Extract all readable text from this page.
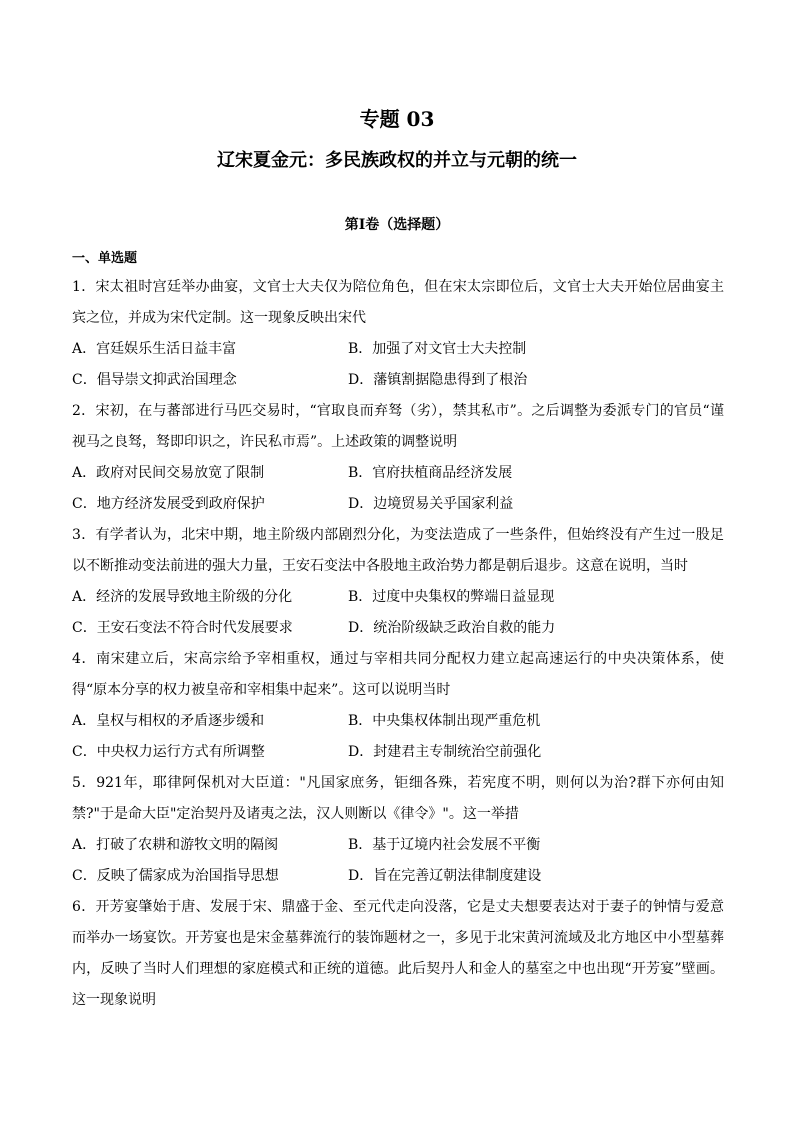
专题 03
辽宋夏金元：多民族政权的并立与元朝的统一
第Ⅰ卷（选择题）
一、单选题

1．宋太祖时宫廷举办曲宴，文官士大夫仅为陪位角色，但在宋太宗即位后，文官士大夫开始位居曲宴主宾之位，并成为宋代定制。这一现象反映出宋代

A．宫廷娱乐生活日益丰富	B．加强了对文官士大夫控制
C．倡导崇文抑武治国理念	D．藩镇割据隐患得到了根治

2．宋初，在与蕃部进行马匹交易时，“官取良而弃驽（劣），禁其私市”。之后调整为委派专门的官员“谨视马之良驽，驽即印识之，许民私市焉”。上述政策的调整说明

A．政府对民间交易放宽了限制	B．官府扶植商品经济发展
C．地方经济发展受到政府保护	D．边境贸易关乎国家利益

3．有学者认为，北宋中期，地主阶级内部剧烈分化，为变法造成了一些条件，但始终没有产生过一股足以不断推动变法前进的强大力量，王安石变法中各股地主政治势力都是朝后退步。这意在说明，当时

A．经济的发展导致地主阶级的分化	B．过度中央集权的弊端日益显现
C．王安石变法不符合时代发展要求	D．统治阶级缺乏政治自救的能力

4．南宋建立后，宋高宗给予宰相重权，通过与宰相共同分配权力建立起高速运行的中央决策体系，使得“原本分享的权力被皇帝和宰相集中起来”。这可以说明当时

A．皇权与相权的矛盾逐步缓和	B．中央集权体制出现严重危机
C．中央权力运行方式有所调整	D．封建君主专制统治空前强化

5．921年，耶律阿保机对大臣道："凡国家庶务，钜细各殊，若宪度不明，则何以为治?群下亦何由知禁?"于是命大臣"定治契丹及诸夷之法，汉人则断以《律令》"。这一举措

A．打破了农耕和游牧文明的隔阂	B．基于辽境内社会发展不平衡
C．反映了儒家成为治国指导思想	D．旨在完善辽朝法律制度建设

6．开芳宴肇始于唐、发展于宋、鼎盛于金、至元代走向没落，它是丈夫想要表达对于妻子的钟情与爱意而举办一场宴饮。开芳宴也是宋金墓葬流行的装饰题材之一，多见于北宋黄河流域及北方地区中小型墓葬内，反映了当时人们理想的家庭模式和正统的道德。此后契丹人和金人的墓室之中也出现“开芳宴”壁画。这一现象说明
